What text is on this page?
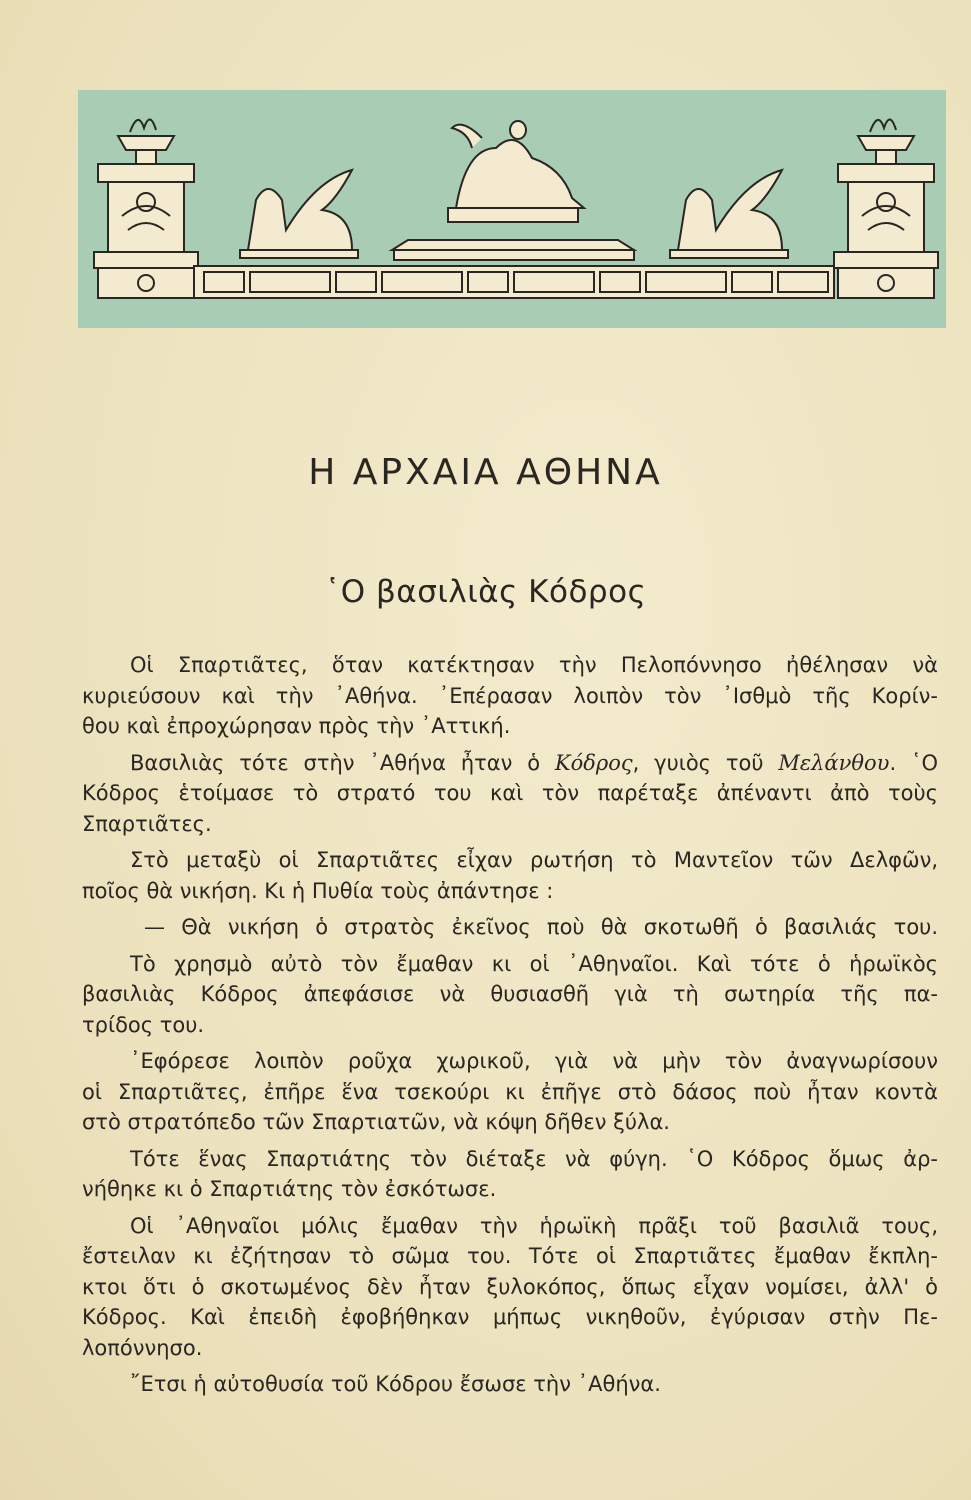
Η ΑΡΧΑΙΑ ΑΘΗΝΑ
῾Ο βασιλιὰς Κόδρος
Οἱ Σπαρτιᾶτες, ὅταν κατέκτησαν τὴν Πελοπόννησο ἠθέλησαν νὰ
κυριεύσουν καὶ τὴν ᾿Αθήνα. ᾿Επέρασαν λοιπὸν τὸν ᾿Ισθμὸ τῆς Κορίν-
θου καὶ ἐπροχώρησαν πρὸς τὴν ᾿Αττική.
Βασιλιὰς τότε στὴν ᾿Αθήνα ἦταν ὁ Κόδρος, γυιὸς τοῦ Μελάνθου. ῾Ο
Κόδρος ἑτοίμασε τὸ στρατό του καὶ τὸν παρέταξε ἀπέναντι ἀπὸ τοὺς
Σπαρτιᾶτες.
Στὸ μεταξὺ οἱ Σπαρτιᾶτες εἶχαν ρωτήση τὸ Μαντεῖον τῶν Δελφῶν,
ποῖος θὰ νικήση. Κι ἡ Πυθία τοὺς ἀπάντησε :
— Θὰ νικήση ὁ στρατὸς ἐκεῖνος ποὺ θὰ σκοτωθῆ ὁ βασιλιάς του.
Τὸ χρησμὸ αὐτὸ τὸν ἔμαθαν κι οἱ ᾿Αθηναῖοι. Καὶ τότε ὁ ἡρωϊκὸς
βασιλιὰς Κόδρος ἀπεφάσισε νὰ θυσιασθῆ γιὰ τὴ σωτηρία τῆς πα-
τρίδος του.
᾿Εφόρεσε λοιπὸν ροῦχα χωρικοῦ, γιὰ νὰ μὴν τὸν ἀναγνωρίσουν
οἱ Σπαρτιᾶτες, ἐπῆρε ἕνα τσεκούρι κι ἐπῆγε στὸ δάσος ποὺ ἦταν κοντὰ
στὸ στρατόπεδο τῶν Σπαρτιατῶν, νὰ κόψη δῆθεν ξύλα.
Τότε ἕνας Σπαρτιάτης τὸν διέταξε νὰ φύγη. ῾Ο Κόδρος ὅμως ἀρ-
νήθηκε κι ὁ Σπαρτιάτης τὸν ἐσκότωσε.
Οἱ ᾿Αθηναῖοι μόλις ἔμαθαν τὴν ἡρωϊκὴ πρᾶξι τοῦ βασιλιᾶ τους,
ἔστειλαν κι ἐζήτησαν τὸ σῶμα του. Τότε οἱ Σπαρτιᾶτες ἔμαθαν ἔκπλη-
κτοι ὅτι ὁ σκοτωμένος δὲν ἦταν ξυλοκόπος, ὅπως εἶχαν νομίσει, ἀλλ' ὁ
Κόδρος. Καὶ ἐπειδὴ ἐφοβήθηκαν μήπως νικηθοῦν, ἐγύρισαν στὴν Πε-
λοπόννησο.
῎Ετσι ἡ αὐτοθυσία τοῦ Κόδρου ἔσωσε τὴν ᾿Αθήνα.
